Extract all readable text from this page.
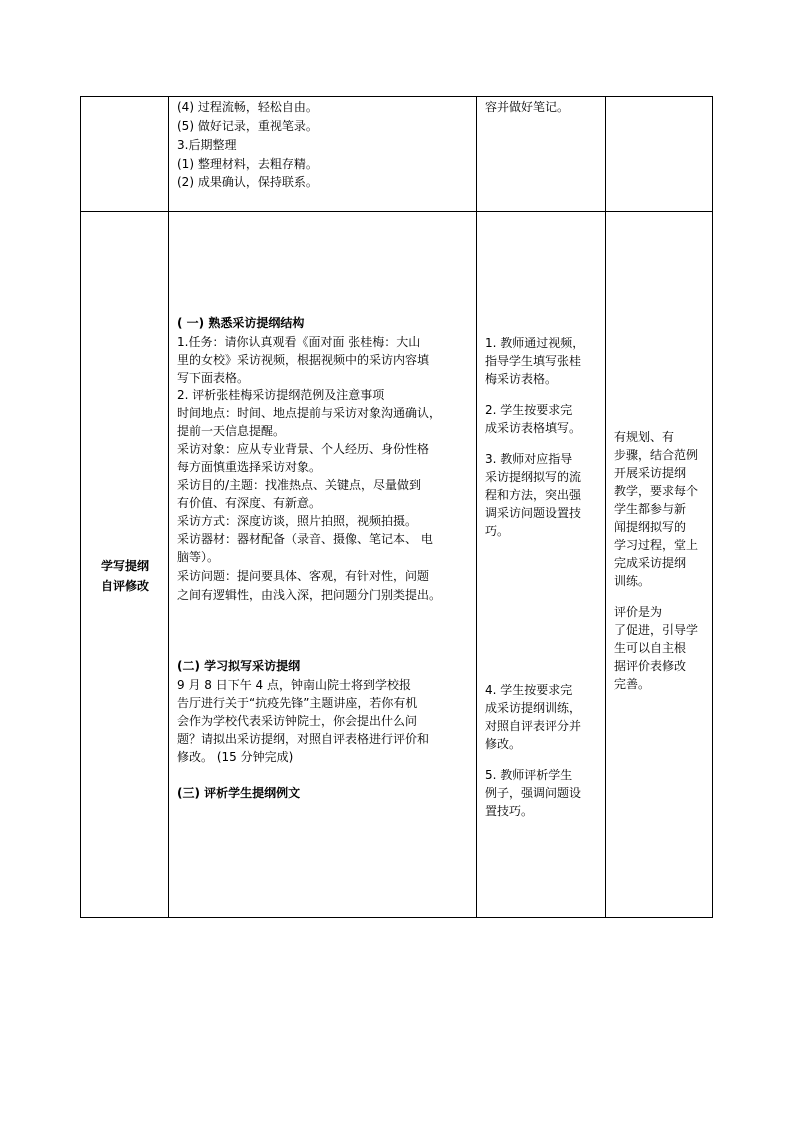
(4) 过程流畅，轻松自由。
(5) 做好记录，重视笔录。
3.后期整理
(1) 整理材料，去粗存精。
(2) 成果确认，保持联系。
容并做好笔记。
学写提纲
自评修改
( 一) 熟悉采访提纲结构
1.任务：请你认真观看《面对面 张桂梅：大山
里的女校》采访视频，根据视频中的采访内容填
写下面表格。
2. 评析张桂梅采访提纲范例及注意事项
时间地点：时间、地点提前与采访对象沟通确认，
提前一天信息提醒。
采访对象：应从专业背景、个人经历、身份性格
每方面慎重选择采访对象。
采访目的/主题：找准热点、关键点，尽量做到
有价值、有深度、有新意。
采访方式：深度访谈，照片拍照，视频拍摄。
采访器材：器材配备（录音、摄像、笔记本、 电
脑等）。
采访问题：提问要具体、客观，有针对性，问题
之间有逻辑性，由浅入深，把问题分门别类提出。
(二) 学习拟写采访提纲
9 月 8 日下午 4 点，钟南山院士将到学校报
告厅进行关于“抗疫先锋”主题讲座，若你有机
会作为学校代表采访钟院士，你会提出什么问
题？请拟出采访提纲，对照自评表格进行评价和
修改。 (15 分钟完成)
(三) 评析学生提纲例文
1. 教师通过视频，
指导学生填写张桂
梅采访表格。
2. 学生按要求完
成采访表格填写。
3. 教师对应指导
采访提纲拟写的流
程和方法，突出强
调采访问题设置技
巧。
4. 学生按要求完
成采访提纲训练，
对照自评表评分并
修改。
5. 教师评析学生
例子，强调问题设
置技巧。
有规划、有
步骤，结合范例
开展采访提纲
教学，要求每个
学生都参与新
闻提纲拟写的
学习过程，堂上
完成采访提纲
训练。
评价是为
了促进，引导学
生可以自主根
据评价表修改
完善。
